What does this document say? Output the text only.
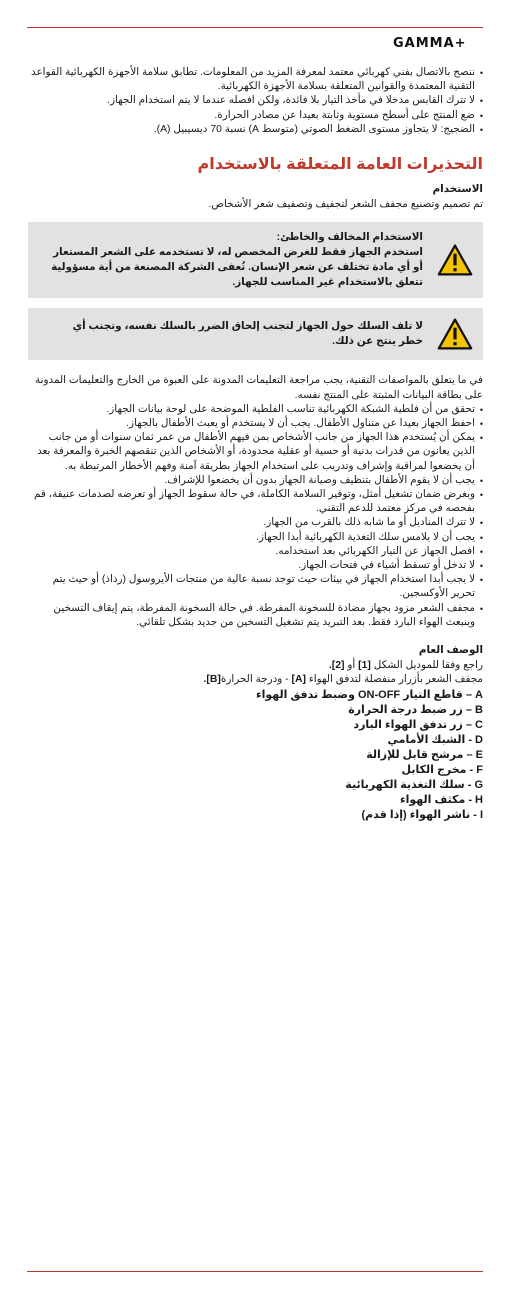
GAMMA+
• ننصح بالاتصال بفني كهربائي معتمد لمعرفة المزيد من المعلومات. تطابق سلامة الأجهزة الكهربائية القواعد التقنية المعتمدة والقوانين المتعلقة بسلامة الأجهزة الكهربائية.
• لا تترك القابس مدخلا في مأخذ التيار بلا فائدة، ولكن افصله عندما لا يتم استخدام الجهاز.
• ضع المنتج على أسطح مستوية وثابتة بعيدا عن مصادر الحرارة.
• الضجيج: لا يتجاوز مستوى الضغط الصوتي (متوسط A) نسبة 70 ديسيبيل (A).
التحذيرات العامة المتعلقة بالاستخدام
الاستخدام
تم تصميم وتصنيع مجفف الشعر لتجفيف وتصفيف شعر الأشخاص.
الاستخدام المخالف والخاطئ:
استخدم الجهاز فقط للغرض المخصص له، لا تستخدمه على الشعر المستعار أو أي مادة تختلف عن شعر الإنسان. تُعفى الشركة المصنعة من أية مسؤولية تتعلق بالاستخدام غير المناسب للجهاز.
لا تلف السلك حول الجهاز لتجنب إلحاق الضرر بالسلك نفسه، وتجنب أي خطر ينتج عن ذلك.
في ما يتعلق بالمواصفات التقنية، يجب مراجعة التعليمات المدونة على العبوة من الخارج والتعليمات المدونة على بطاقة البيانات المثبتة على المنتج نفسه.
• تحقق من أن فلطية الشبكة الكهربائية تناسب الفلطية الموضحة على لوحة بيانات الجهاز.
• احفظ الجهاز بعيدا عن متناول الأطفال. يجب أن لا يستخدم أو يعبث الأطفال بالجهاز.
• يمكن أن يُستخدم هذا الجهاز من جانب الأشخاص بمن فيهم الأطفال من عمر ثمان سنوات أو من جانب الذين يعانون من قدرات بدنية أو حسية أو عقلية محدودة، أو الأشخاص الذين تنقصهم الخبرة والمعرفة بعد أن يخضعوا لمراقبة وإشراف وتدريب على استخدام الجهاز بطريقة آمنة وفهم الأخطار المرتبطة به.
• يجب أن لا يقوم الأطفال بتنظيف وصيانة الجهاز بدون أن يخضعوا للإشراف.
• وبغرض ضمان تشغيل أمثل، وتوفير السلامة الكاملة، في حالة سقوط الجهاز أو تعرضه لصدمات عنيفة، قم بفحصه في مركز معتمد للدعم التقني.
• لا تترك المناديل أو ما شابه ذلك بالقرب من الجهاز.
• يجب أن لا يلامس سلك التغذية الكهربائية أبدا الجهاز.
• افصل الجهاز عن التيار الكهربائي بعد استخدامه.
• لا تدخل أو تسقط أشياء في فتحات الجهاز.
• لا يجب أبدا استخدام الجهاز في بيئات حيث توجد نسبة عالية من منتجات الأيروسول (رذاذ) أو حيث يتم تحرير الأوكسجين.
• مجفف الشعر مزود بجهاز مضادة للسخونة المفرطة. في حالة السخونة المفرطة، يتم إيقاف التسخين وينبعث الهواء البارد فقط. بعد التبريد يتم تشغيل التسخين من جديد بشكل تلقائي.
الوصف العام
راجع وفقا للموديل الشكل [1] أو [2].
مجفف الشعر بأزرار منفصلة لتدفق الهواء [A] - ودرجة الحرارة[B].
A – قاطع التيار ON-OFF وضبط تدفق الهواء
B – زر ضبط درجة الحرارة
C – زر تدفق الهواء البارد
D - الشبك الأمامي
E – مرشح قابل للإزالة
F - مخرج الكابل
G - سلك التغذية الكهربائية
H - مكثف الهواء
I - ناشر الهواء (إذا قدم)
